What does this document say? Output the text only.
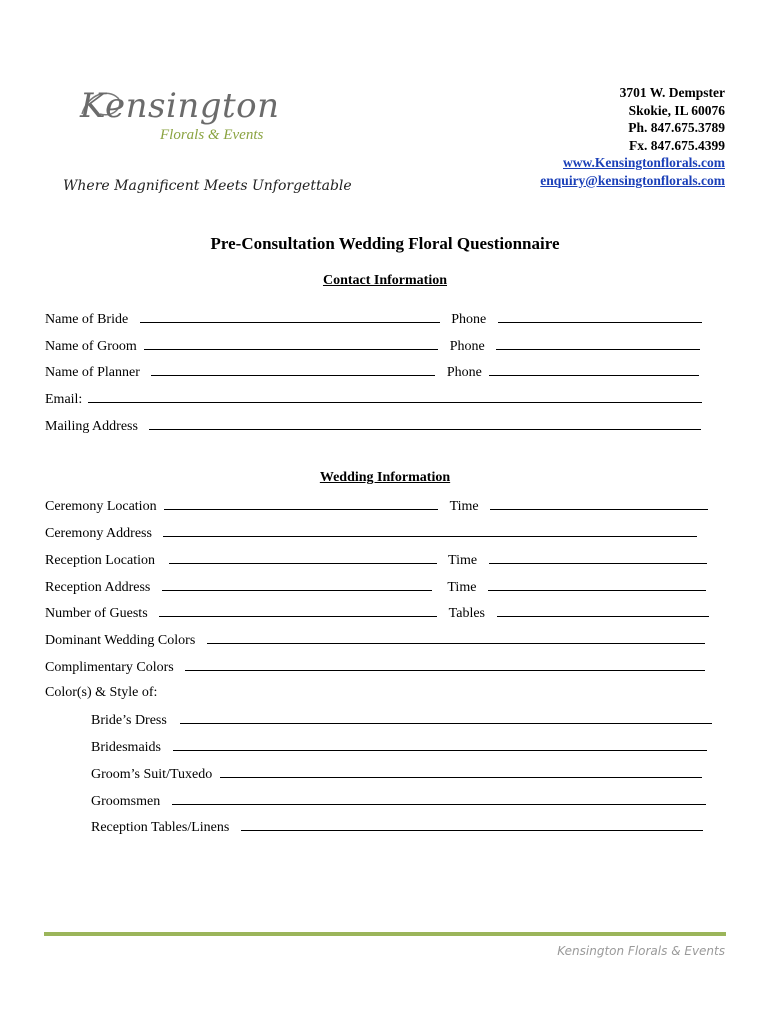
Kensington
Florals & Events
Where Magnificent Meets Unforgettable
3701 W. Dempster
Skokie, IL 60076
Ph. 847.675.3789
Fx. 847.675.4399
www.Kensingtonflorals.com
enquiry@kensingtonflorals.com
Pre-Consultation Wedding Floral Questionnaire
Contact Information
Name of Bride	Phone
Name of Groom	Phone
Name of Planner	Phone
Email:
Mailing Address
Wedding Information
Ceremony Location	Time
Ceremony Address
Reception Location	Time
Reception Address	Time
Number of Guests	Tables
Dominant Wedding Colors
Complimentary Colors
Color(s) & Style of:
Bride’s Dress
Bridesmaids
Groom’s Suit/Tuxedo
Groomsmen
Reception Tables/Linens
Kensington Florals & Events
